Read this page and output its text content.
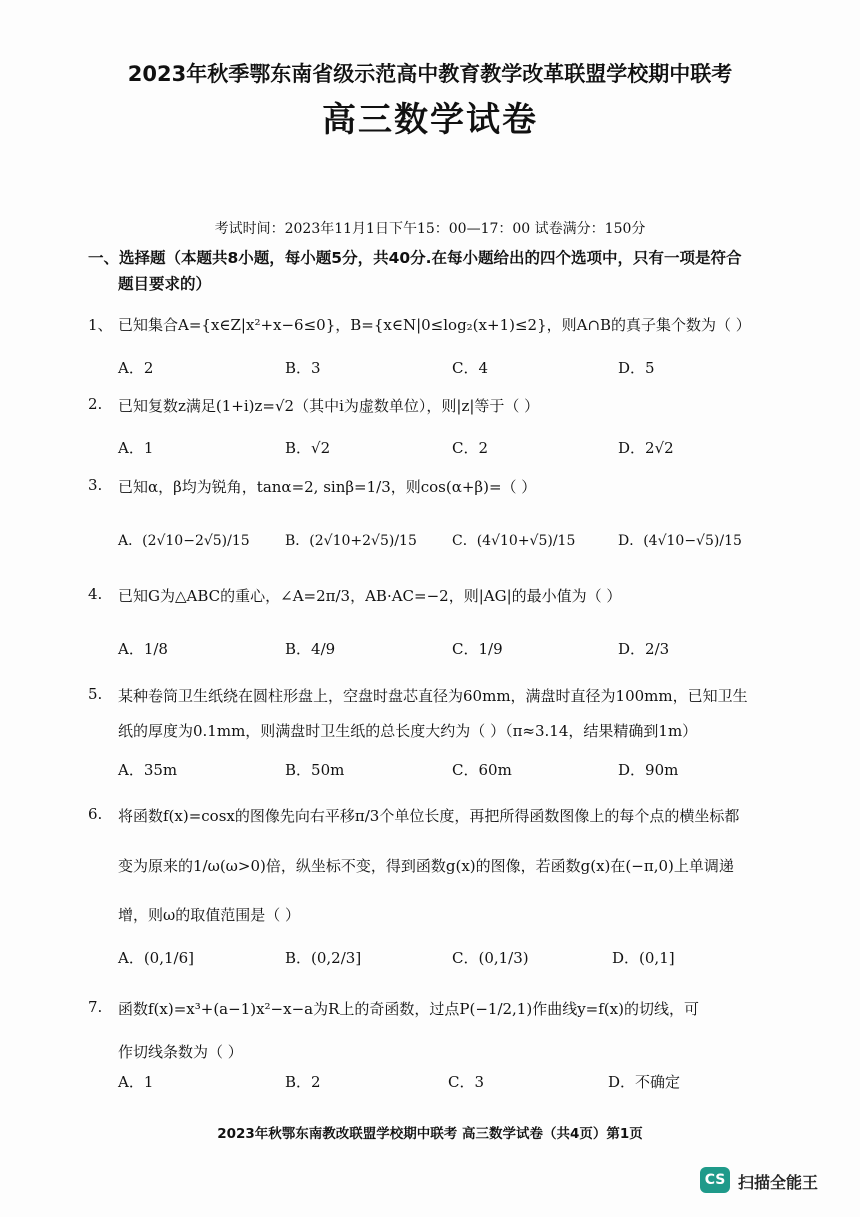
2023年秋季鄂东南省级示范高中教育教学改革联盟学校期中联考
高三数学试卷
考试时间：2023年11月1日下午15：00—17：00 试卷满分：150分
一、选择题（本题共8小题，每小题5分，共40分.在每小题给出的四个选项中，只有一项是符合
题目要求的）
1、 已知集合A={x∈Z|x²+x−6≤0}，B={x∈N|0≤log₂(x+1)≤2}，则A∩B的真子集个数为（ ）
A．2	B．3	C．4	D．5
2. 已知复数z满足(1+i)z=√2（其中i为虚数单位），则|z|等于（ ）
A．1	B．√2	C．2	D．2√2
3. 已知α，β均为锐角，tanα=2, sinβ=1/3，则cos(α+β)=（ ）
A．(2√10−2√5)/15	B．(2√10+2√5)/15	C．(4√10+√5)/15	D．(4√10−√5)/15
4. 已知G为△ABC的重心，∠A=2π/3，AB·AC=−2，则|AG|的最小值为（ ）
A．1/8	B．4/9	C．1/9	D．2/3
5. 某种卷筒卫生纸绕在圆柱形盘上，空盘时盘芯直径为60mm，满盘时直径为100mm，已知卫生
纸的厚度为0.1mm，则满盘时卫生纸的总长度大约为（ ）（π≈3.14，结果精确到1m）
A．35m	B．50m	C．60m	D．90m
6. 将函数f(x)=cosx的图像先向右平移π/3个单位长度，再把所得函数图像上的每个点的横坐标都
变为原来的1/ω(ω>0)倍，纵坐标不变，得到函数g(x)的图像，若函数g(x)在(−π,0)上单调递
增，则ω的取值范围是（ ）
A．(0,1/6]	B．(0,2/3]	C．(0,1/3)	D．(0,1]
7. 函数f(x)=x³+(a−1)x²−x−a为R上的奇函数，过点P(−1/2,1)作曲线y=f(x)的切线，可
作切线条数为（ ）
A．1	B．2	C．3	D．不确定
2023年秋鄂东南教改联盟学校期中联考 高三数学试卷（共4页）第1页
CS 扫描全能王
